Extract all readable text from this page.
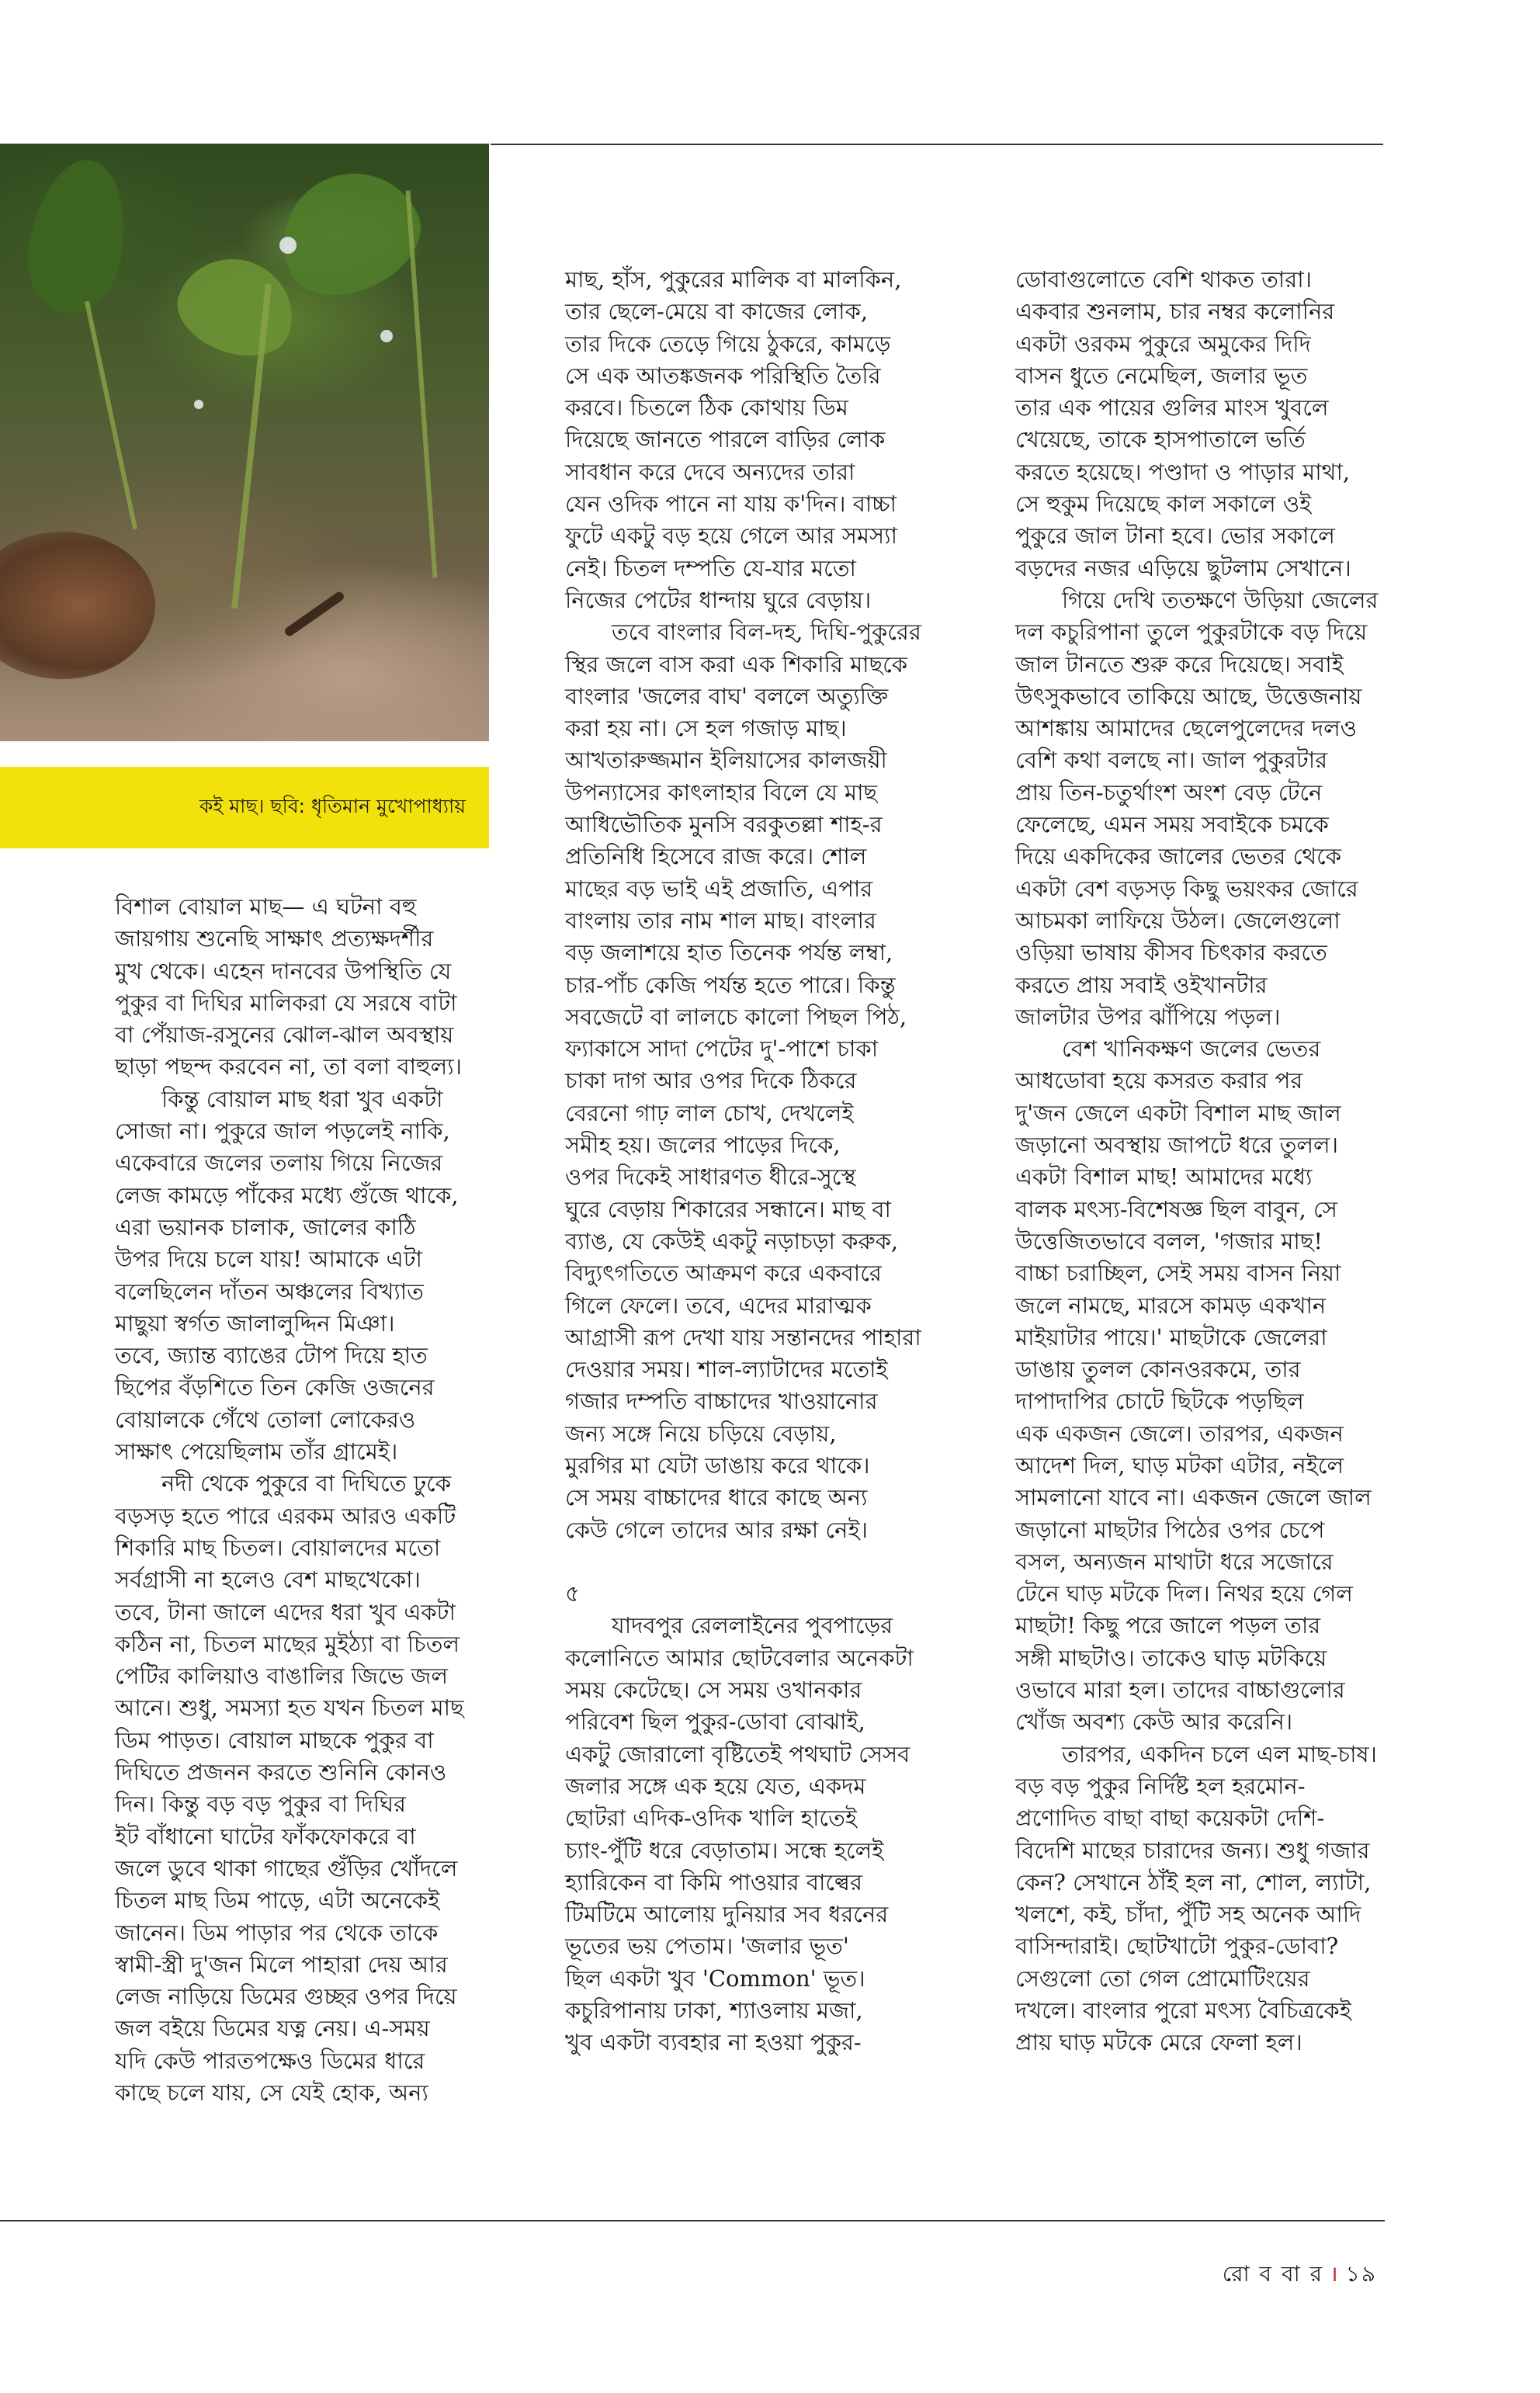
কই মাছ। ছবি: ধৃতিমান মুখোপাধ্যায়
বিশাল বোয়াল মাছ— এ ঘটনা বহু
জায়গায় শুনেছি সাক্ষাৎ প্রত্যক্ষদর্শীর
মুখ থেকে। এহেন দানবের উপস্থিতি যে
পুকুর বা দিঘির মালিকরা যে সরষে বাটা
বা পেঁয়াজ-রসুনের ঝোল-ঝাল অবস্থায়
ছাড়া পছন্দ করবেন না, তা বলা বাহুল্য।
কিন্তু বোয়াল মাছ ধরা খুব একটা
সোজা না। পুকুরে জাল পড়লেই নাকি,
একেবারে জলের তলায় গিয়ে নিজের
লেজ কামড়ে পাঁকের মধ্যে গুঁজে থাকে,
এরা ভয়ানক চালাক, জালের কাঠি
উপর দিয়ে চলে যায়! আমাকে এটা
বলেছিলেন দাঁতন অঞ্চলের বিখ্যাত
মাছুয়া স্বর্গত জালালুদ্দিন মিঞা।
তবে, জ্যান্ত ব্যাঙের টোপ দিয়ে হাত
ছিপের বঁড়শিতে তিন কেজি ওজনের
বোয়ালকে গেঁথে তোলা লোকেরও
সাক্ষাৎ পেয়েছিলাম তাঁর গ্রামেই।
নদী থেকে পুকুরে বা দিঘিতে ঢুকে
বড়সড় হতে পারে এরকম আরও একটি
শিকারি মাছ চিতল। বোয়ালদের মতো
সর্বগ্রাসী না হলেও বেশ মাছখেকো।
তবে, টানা জালে এদের ধরা খুব একটা
কঠিন না, চিতল মাছের মুইঠ্যা বা চিতল
পেটির কালিয়াও বাঙালির জিভে জল
আনে। শুধু, সমস্যা হত যখন চিতল মাছ
ডিম পাড়ত। বোয়াল মাছকে পুকুর বা
দিঘিতে প্রজনন করতে শুনিনি কোনও
দিন। কিন্তু বড় বড় পুকুর বা দিঘির
ইট বাঁধানো ঘাটের ফাঁকফোকরে বা
জলে ডুবে থাকা গাছের গুঁড়ির খোঁদলে
চিতল মাছ ডিম পাড়ে, এটা অনেকেই
জানেন। ডিম পাড়ার পর থেকে তাকে
স্বামী-স্ত্রী দু'জন মিলে পাহারা দেয় আর
লেজ নাড়িয়ে ডিমের গুচ্ছর ওপর দিয়ে
জল বইয়ে ডিমের যত্ন নেয়। এ-সময়
যদি কেউ পারতপক্ষেও ডিমের ধারে
কাছে চলে যায়, সে যেই হোক, অন্য
মাছ, হাঁস, পুকুরের মালিক বা মালকিন,
তার ছেলে-মেয়ে বা কাজের লোক,
তার দিকে তেড়ে গিয়ে ঠুকরে, কামড়ে
সে এক আতঙ্কজনক পরিস্থিতি তৈরি
করবে। চিতলে ঠিক কোথায় ডিম
দিয়েছে জানতে পারলে বাড়ির লোক
সাবধান করে দেবে অন্যদের তারা
যেন ওদিক পানে না যায় ক'দিন। বাচ্চা
ফুটে একটু বড় হয়ে গেলে আর সমস্যা
নেই। চিতল দম্পতি যে-যার মতো
নিজের পেটের ধান্দায় ঘুরে বেড়ায়।
তবে বাংলার বিল-দহ, দিঘি-পুকুরের
স্থির জলে বাস করা এক শিকারি মাছকে
বাংলার 'জলের বাঘ' বললে অত্যুক্তি
করা হয় না। সে হল গজাড় মাছ।
আখতারুজ্জমান ইলিয়াসের কালজয়ী
উপন্যাসের কাৎলাহার বিলে যে মাছ
আধিভৌতিক মুনসি বরকুতল্লা শাহ-র
প্রতিনিধি হিসেবে রাজ করে। শোল
মাছের বড় ভাই এই প্রজাতি, এপার
বাংলায় তার নাম শাল মাছ। বাংলার
বড় জলাশয়ে হাত তিনেক পর্যন্ত লম্বা,
চার-পাঁচ কেজি পর্যন্ত হতে পারে। কিন্তু
সবজেটে বা লালচে কালো পিছল পিঠ,
ফ্যাকাসে সাদা পেটের দু'-পাশে চাকা
চাকা দাগ আর ওপর দিকে ঠিকরে
বেরনো গাঢ় লাল চোখ, দেখলেই
সমীহ হয়। জলের পাড়ের দিকে,
ওপর দিকেই সাধারণত ধীরে-সুস্থে
ঘুরে বেড়ায় শিকারের সন্ধানে। মাছ বা
ব্যাঙ, যে কেউই একটু নড়াচড়া করুক,
বিদ্যুৎগতিতে আক্রমণ করে একবারে
গিলে ফেলে। তবে, এদের মারাত্মক
আগ্রাসী রূপ দেখা যায় সন্তানদের পাহারা
দেওয়ার সময়। শাল-ল্যাটাদের মতোই
গজার দম্পতি বাচ্চাদের খাওয়ানোর
জন্য সঙ্গে নিয়ে চড়িয়ে বেড়ায়,
মুরগির মা যেটা ডাঙায় করে থাকে।
সে সময় বাচ্চাদের ধারে কাছে অন্য
কেউ গেলে তাদের আর রক্ষা নেই।
৫
যাদবপুর রেললাইনের পুবপাড়ের
কলোনিতে আমার ছোটবেলার অনেকটা
সময় কেটেছে। সে সময় ওখানকার
পরিবেশ ছিল পুকুর-ডোবা বোঝাই,
একটু জোরালো বৃষ্টিতেই পথঘাট সেসব
জলার সঙ্গে এক হয়ে যেত, একদম
ছোটরা এদিক-ওদিক খালি হাতেই
চ্যাং-পুঁটি ধরে বেড়াতাম। সন্ধে হলেই
হ্যারিকেন বা কিমি পাওয়ার বাল্বের
টিমটিমে আলোয় দুনিয়ার সব ধরনের
ভূতের ভয় পেতাম। 'জলার ভূত'
ছিল একটা খুব 'Common' ভূত।
কচুরিপানায় ঢাকা, শ্যাওলায় মজা,
খুব একটা ব্যবহার না হওয়া পুকুর-
ডোবাগুলোতে বেশি থাকত তারা।
একবার শুনলাম, চার নম্বর কলোনির
একটা ওরকম পুকুরে অমুকের দিদি
বাসন ধুতে নেমেছিল, জলার ভূত
তার এক পায়ের গুলির মাংস খুবলে
খেয়েছে, তাকে হাসপাতালে ভর্তি
করতে হয়েছে। পণ্ডাদা ও পাড়ার মাথা,
সে হুকুম দিয়েছে কাল সকালে ওই
পুকুরে জাল টানা হবে। ভোর সকালে
বড়দের নজর এড়িয়ে ছুটলাম সেখানে।
গিয়ে দেখি ততক্ষণে উড়িয়া জেলের
দল কচুরিপানা তুলে পুকুরটাকে বড় দিয়ে
জাল টানতে শুরু করে দিয়েছে। সবাই
উৎসুকভাবে তাকিয়ে আছে, উত্তেজনায়
আশঙ্কায় আমাদের ছেলেপুলেদের দলও
বেশি কথা বলছে না। জাল পুকুরটার
প্রায় তিন-চতুর্থাংশ অংশ বেড় টেনে
ফেলেছে, এমন সময় সবাইকে চমকে
দিয়ে একদিকের জালের ভেতর থেকে
একটা বেশ বড়সড় কিছু ভয়ংকর জোরে
আচমকা লাফিয়ে উঠল। জেলেগুলো
ওড়িয়া ভাষায় কীসব চিৎকার করতে
করতে প্রায় সবাই ওইখানটার
জালটার উপর ঝাঁপিয়ে পড়ল।
বেশ খানিকক্ষণ জলের ভেতর
আধডোবা হয়ে কসরত করার পর
দু'জন জেলে একটা বিশাল মাছ জাল
জড়ানো অবস্থায় জাপটে ধরে তুলল।
একটা বিশাল মাছ! আমাদের মধ্যে
বালক মৎস্য-বিশেষজ্ঞ ছিল বাবুন, সে
উত্তেজিতভাবে বলল, 'গজার মাছ!
বাচ্চা চরাচ্ছিল, সেই সময় বাসন নিয়া
জলে নামছে, মারসে কামড় একখান
মাইয়াটার পায়ে।' মাছটাকে জেলেরা
ডাঙায় তুলল কোনওরকমে, তার
দাপাদাপির চোটে ছিটকে পড়ছিল
এক একজন জেলে। তারপর, একজন
আদেশ দিল, ঘাড় মটকা এটার, নইলে
সামলানো যাবে না। একজন জেলে জাল
জড়ানো মাছটার পিঠের ওপর চেপে
বসল, অন্যজন মাথাটা ধরে সজোরে
টেনে ঘাড় মটকে দিল। নিথর হয়ে গেল
মাছটা! কিছু পরে জালে পড়ল তার
সঙ্গী মাছটাও। তাকেও ঘাড় মটকিয়ে
ওভাবে মারা হল। তাদের বাচ্চাগুলোর
খোঁজ অবশ্য কেউ আর করেনি।
তারপর, একদিন চলে এল মাছ-চাষ।
বড় বড় পুকুর নির্দিষ্ট হল হরমোন-
প্রণোদিত বাছা বাছা কয়েকটা দেশি-
বিদেশি মাছের চারাদের জন্য। শুধু গজার
কেন? সেখানে ঠাঁই হল না, শোল, ল্যাটা,
খলশে, কই, চাঁদা, পুঁটি সহ অনেক আদি
বাসিন্দারাই। ছোটখাটো পুকুর-ডোবা?
সেগুলো তো গেল প্রোমোটিংয়ের
দখলে। বাংলার পুরো মৎস্য বৈচিত্রকেই
প্রায় ঘাড় মটকে মেরে ফেলা হল।
রো ব বা র । ১৯
